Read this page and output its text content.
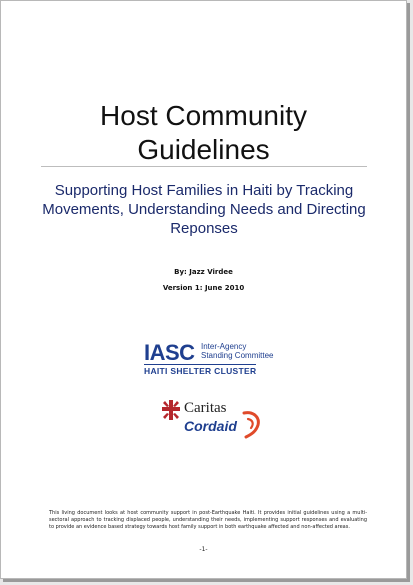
Host Community
Guidelines
Supporting Host Families in Haiti by Tracking Movements, Understanding Needs and Directing Reponses
By: Jazz Virdee
Version 1: June 2010
IASC Inter-Agency
Standing Committee
HAITI SHELTER CLUSTER
Caritas
Cordaid
This living document looks at host community support in post-Earthquake Haiti. It provides initial guidelines using a multi-sectoral approach to tracking displaced people, understanding their needs, implementing support responses and evaluating to provide an evidence based strategy towards host family support in both earthquake affected and non-affected areas.
-1-
